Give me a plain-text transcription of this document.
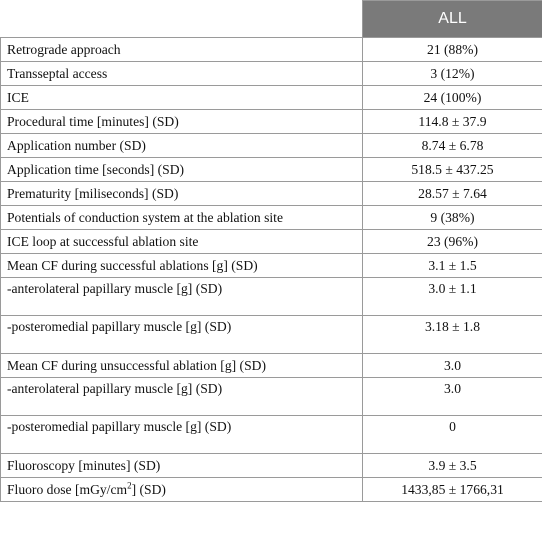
	ALL
Retrograde approach	21 (88%)
Transseptal access	3 (12%)
ICE	24 (100%)
Procedural time [minutes] (SD)	114.8 ± 37.9
Application number (SD)	8.74 ± 6.78
Application time [seconds] (SD)	518.5 ± 437.25
Prematurity [miliseconds] (SD)	28.57 ± 7.64
Potentials of conduction system at the ablation site	9 (38%)
ICE loop at successful ablation site	23 (96%)
Mean CF during successful ablations [g] (SD)	3.1 ± 1.5
-anterolateral papillary muscle [g] (SD)	3.0 ± 1.1
-posteromedial papillary muscle [g] (SD)	3.18 ± 1.8
Mean CF during unsuccessful ablation [g] (SD)	3.0
-anterolateral papillary muscle [g] (SD)	3.0
-posteromedial papillary muscle [g] (SD)	0
Fluoroscopy [minutes] (SD)	3.9 ± 3.5
Fluoro dose $[mGy/cm^2]$ (SD)	1433,85 ± 1766,31
